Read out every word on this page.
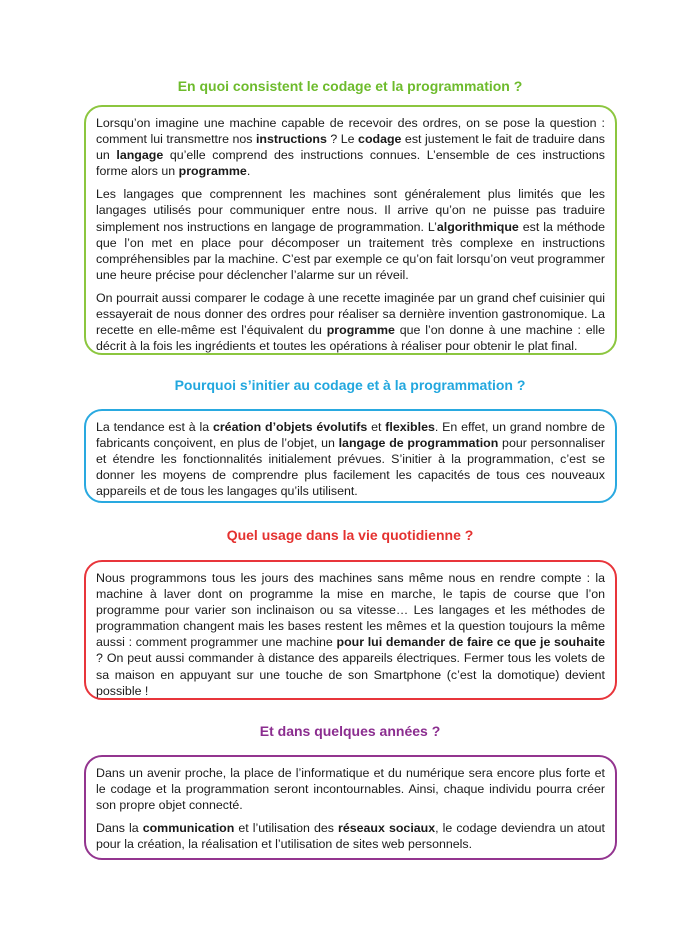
En quoi consistent le codage et la programmation ?

Lorsqu’on imagine une machine capable de recevoir des ordres, on se pose la question : comment lui transmettre nos instructions ? Le codage est justement le fait de traduire dans un langage qu’elle comprend des instructions connues. L’ensemble de ces instructions forme alors un programme.

Les langages que comprennent les machines sont généralement plus limités que les langages utilisés pour communiquer entre nous. Il arrive qu’on ne puisse pas traduire simplement nos instructions en langage de programmation. L’algorithmique est la méthode que l’on met en place pour décomposer un traitement très complexe en instructions compréhensibles par la machine. C’est par exemple ce qu’on fait lorsqu’on veut programmer une heure précise pour déclencher l’alarme sur un réveil.

On pourrait aussi comparer le codage à une recette imaginée par un grand chef cuisinier qui essayerait de nous donner des ordres pour réaliser sa dernière invention gastronomique. La recette en elle-même est l’équivalent du programme que l’on donne à une machine : elle décrit à la fois les ingrédients et toutes les opérations à réaliser pour obtenir le plat final.

Pourquoi s’initier au codage et à la programmation ?

La tendance est à la création d’objets évolutifs et flexibles. En effet, un grand nombre de fabricants conçoivent, en plus de l’objet, un langage de programmation pour personnaliser et étendre les fonctionnalités initialement prévues. S’initier à la programmation, c’est se donner les moyens de comprendre plus facilement les capacités de tous ces nouveaux appareils et de tous les langages qu’ils utilisent.

Quel usage dans la vie quotidienne ?

Nous programmons tous les jours des machines sans même nous en rendre compte : la machine à laver dont on programme la mise en marche, le tapis de course que l’on programme pour varier son inclinaison ou sa vitesse… Les langages et les méthodes de programmation changent mais les bases restent les mêmes et la question toujours la même aussi : comment programmer une machine pour lui demander de faire ce que je souhaite ? On peut aussi commander à distance des appareils électriques. Fermer tous les volets de sa maison en appuyant sur une touche de son Smartphone (c’est la domotique) devient possible !

Et dans quelques années ?

Dans un avenir proche, la place de l’informatique et du numérique sera encore plus forte et le codage et la programmation seront incontournables. Ainsi, chaque individu pourra créer son propre objet connecté.

Dans la communication et l’utilisation des réseaux sociaux, le codage deviendra un atout pour la création, la réalisation et l’utilisation de sites web personnels.
